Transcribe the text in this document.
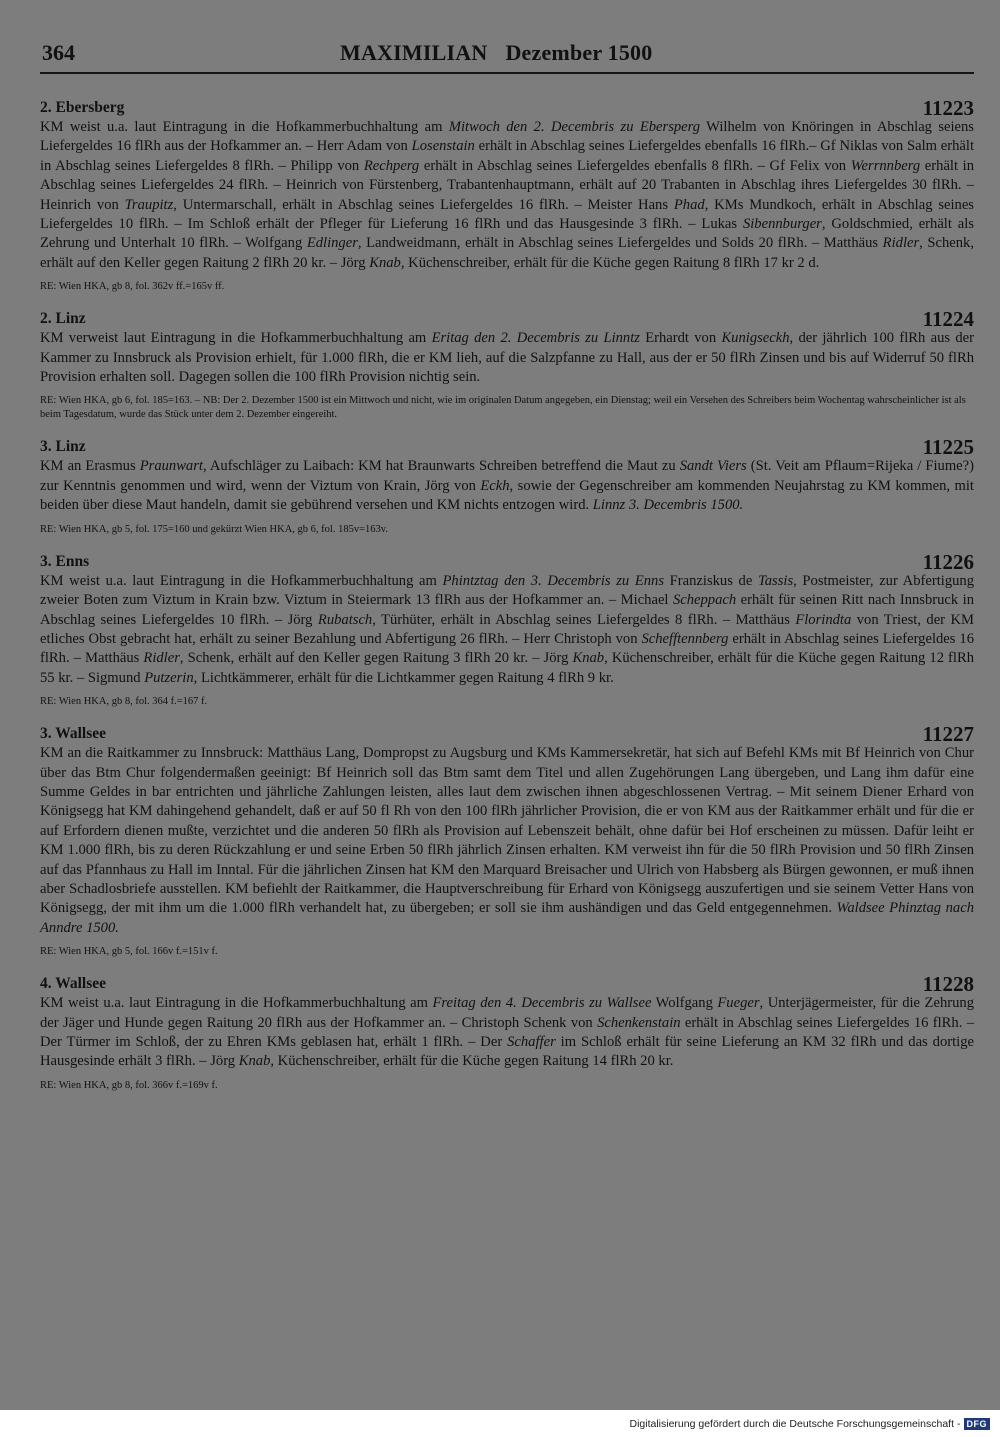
364	MAXIMILIAN Dezember 1500
2. Ebersberg	11223

KM weist u.a. laut Eintragung in die Hofkammerbuchhaltung am Mitwoch den 2. Decembris zu Ebersperg Wilhelm von Knöringen in Abschlag seiens Liefergeldes 16 flRh aus der Hofkammer an. – Herr Adam von Losenstain erhält in Abschlag seines Liefergeldes ebenfalls 16 flRh.– Gf Niklas von Salm erhält in Abschlag seines Liefergeldes 8 flRh. – Philipp von Rechperg erhält in Abschlag seines Liefergeldes ebenfalls 8 flRh. – Gf Felix von Werrnnberg erhält in Abschlag seines Liefergeldes 24 flRh. – Heinrich von Fürstenberg, Trabantenhauptmann, erhält auf 20 Trabanten in Abschlag ihres Liefergeldes 30 flRh. – Heinrich von Traupitz, Untermarschall, erhält in Abschlag seines Liefergeldes 16 flRh. – Meister Hans Phad, KMs Mundkoch, erhält in Abschlag seines Liefergeldes 10 flRh. – Im Schloß erhält der Pfleger für Lieferung 16 flRh und das Hausgesinde 3 flRh. – Lukas Sibennburger, Goldschmied, erhält als Zehrung und Unterhalt 10 flRh. – Wolfgang Edlinger, Landweidmann, erhält in Abschlag seines Liefergeldes und Solds 20 flRh. – Matthäus Ridler, Schenk, erhält auf den Keller gegen Raitung 2 flRh 20 kr. – Jörg Knab, Küchenschreiber, erhält für die Küche gegen Raitung 8 flRh 17 kr 2 d.

RE: Wien HKA, gb 8, fol. 362v ff.=165v ff.
2. Linz	11224

KM verweist laut Eintragung in die Hofkammerbuchhaltung am Eritag den 2. Decembris zu Linntz Erhardt von Kunigseckh, der jährlich 100 flRh aus der Kammer zu Innsbruck als Provision erhielt, für 1.000 flRh, die er KM lieh, auf die Salzpfanne zu Hall, aus der er 50 flRh Zinsen und bis auf Widerruf 50 flRh Provision erhalten soll. Dagegen sollen die 100 flRh Provision nichtig sein.

RE: Wien HKA, gb 6, fol. 185=163. – NB: Der 2. Dezember 1500 ist ein Mittwoch und nicht, wie im originalen Datum angegeben, ein Dienstag; weil ein Versehen des Schreibers beim Wochentag wahrscheinlicher ist als beim Tagesdatum, wurde das Stück unter dem 2. Dezember eingereiht.
3. Linz	11225

KM an Erasmus Praunwart, Aufschläger zu Laibach: KM hat Braunwarts Schreiben betreffend die Maut zu Sandt Viers (St. Veit am Pflaum=Rijeka / Fiume?) zur Kenntnis genommen und wird, wenn der Viztum von Krain, Jörg von Eckh, sowie der Gegenschreiber am kommenden Neujahrstag zu KM kommen, mit beiden über diese Maut handeln, damit sie gebührend versehen und KM nichts entzogen wird. Linnz 3. Decembris 1500.

RE: Wien HKA, gb 5, fol. 175=160 und gekürzt Wien HKA, gb 6, fol. 185v=163v.
3. Enns	11226

KM weist u.a. laut Eintragung in die Hofkammerbuchhaltung am Phintztag den 3. Decembris zu Enns Franziskus de Tassis, Postmeister, zur Abfertigung zweier Boten zum Viztum in Krain bzw. Viztum in Steiermark 13 flRh aus der Hofkammer an. – Michael Scheppach erhält für seinen Ritt nach Innsbruck in Abschlag seines Liefergeldes 10 flRh. – Jörg Rubatsch, Türhüter, erhält in Abschlag seines Liefergeldes 8 flRh. – Matthäus Florindta von Triest, der KM etliches Obst gebracht hat, erhält zu seiner Bezahlung und Abfertigung 26 flRh. – Herr Christoph von Schefftennberg erhält in Abschlag seines Liefergeldes 16 flRh. – Matthäus Ridler, Schenk, erhält auf den Keller gegen Raitung 3 flRh 20 kr. – Jörg Knab, Küchenschreiber, erhält für die Küche gegen Raitung 12 flRh 55 kr. – Sigmund Putzerin, Lichtkämmerer, erhält für die Lichtkammer gegen Raitung 4 flRh 9 kr.

RE: Wien HKA, gb 8, fol. 364 f.=167 f.
3. Wallsee	11227

KM an die Raitkammer zu Innsbruck: Matthäus Lang, Dompropst zu Augsburg und KMs Kammersekretär, hat sich auf Befehl KMs mit Bf Heinrich von Chur über das Btm Chur folgendermaßen geeinigt: Bf Heinrich soll das Btm samt dem Titel und allen Zugehörungen Lang übergeben, und Lang ihm dafür eine Summe Geldes in bar entrichten und jährliche Zahlungen leisten, alles laut dem zwischen ihnen abgeschlossenen Vertrag. – Mit seinem Diener Erhard von Königsegg hat KM dahingehend gehandelt, daß er auf 50 fl Rh von den 100 flRh jährlicher Provision, die er von KM aus der Raitkammer erhält und für die er auf Erfordern dienen mußte, verzichtet und die anderen 50 flRh als Provision auf Lebenszeit behält, ohne dafür bei Hof erscheinen zu müssen. Dafür leiht er KM 1.000 flRh, bis zu deren Rückzahlung er und seine Erben 50 flRh jährlich Zinsen erhalten. KM verweist ihn für die 50 flRh Provision und 50 flRh Zinsen auf das Pfannhaus zu Hall im Inntal. Für die jährlichen Zinsen hat KM den Marquard Breisacher und Ulrich von Habsberg als Bürgen gewonnen, er muß ihnen aber Schadlosbriefe ausstellen. KM befiehlt der Raitkammer, die Hauptverschreibung für Erhard von Königsegg auszufertigen und sie seinem Vetter Hans von Königsegg, der mit ihm um die 1.000 flRh verhandelt hat, zu übergeben; er soll sie ihm aushändigen und das Geld entgegennehmen. Waldsee Phinztag nach Anndre 1500.

RE: Wien HKA, gb 5, fol. 166v f.=151v f.
4. Wallsee	11228

KM weist u.a. laut Eintragung in die Hofkammerbuchhaltung am Freitag den 4. Decembris zu Wallsee Wolfgang Fueger, Unterjägermeister, für die Zehrung der Jäger und Hunde gegen Raitung 20 flRh aus der Hofkammer an. – Christoph Schenk von Schenkenstain erhält in Abschlag seines Liefergeldes 16 flRh. – Der Türmer im Schloß, der zu Ehren KMs geblasen hat, erhält 1 flRh. – Der Schaffer im Schloß erhält für seine Lieferung an KM 32 flRh und das dortige Hausgesinde erhält 3 flRh. – Jörg Knab, Küchenschreiber, erhält für die Küche gegen Raitung 14 flRh 20 kr.

RE: Wien HKA, gb 8, fol. 366v f.=169v f.
Digitalisierung gefördert durch die Deutsche Forschungsgemeinschaft - DFG
